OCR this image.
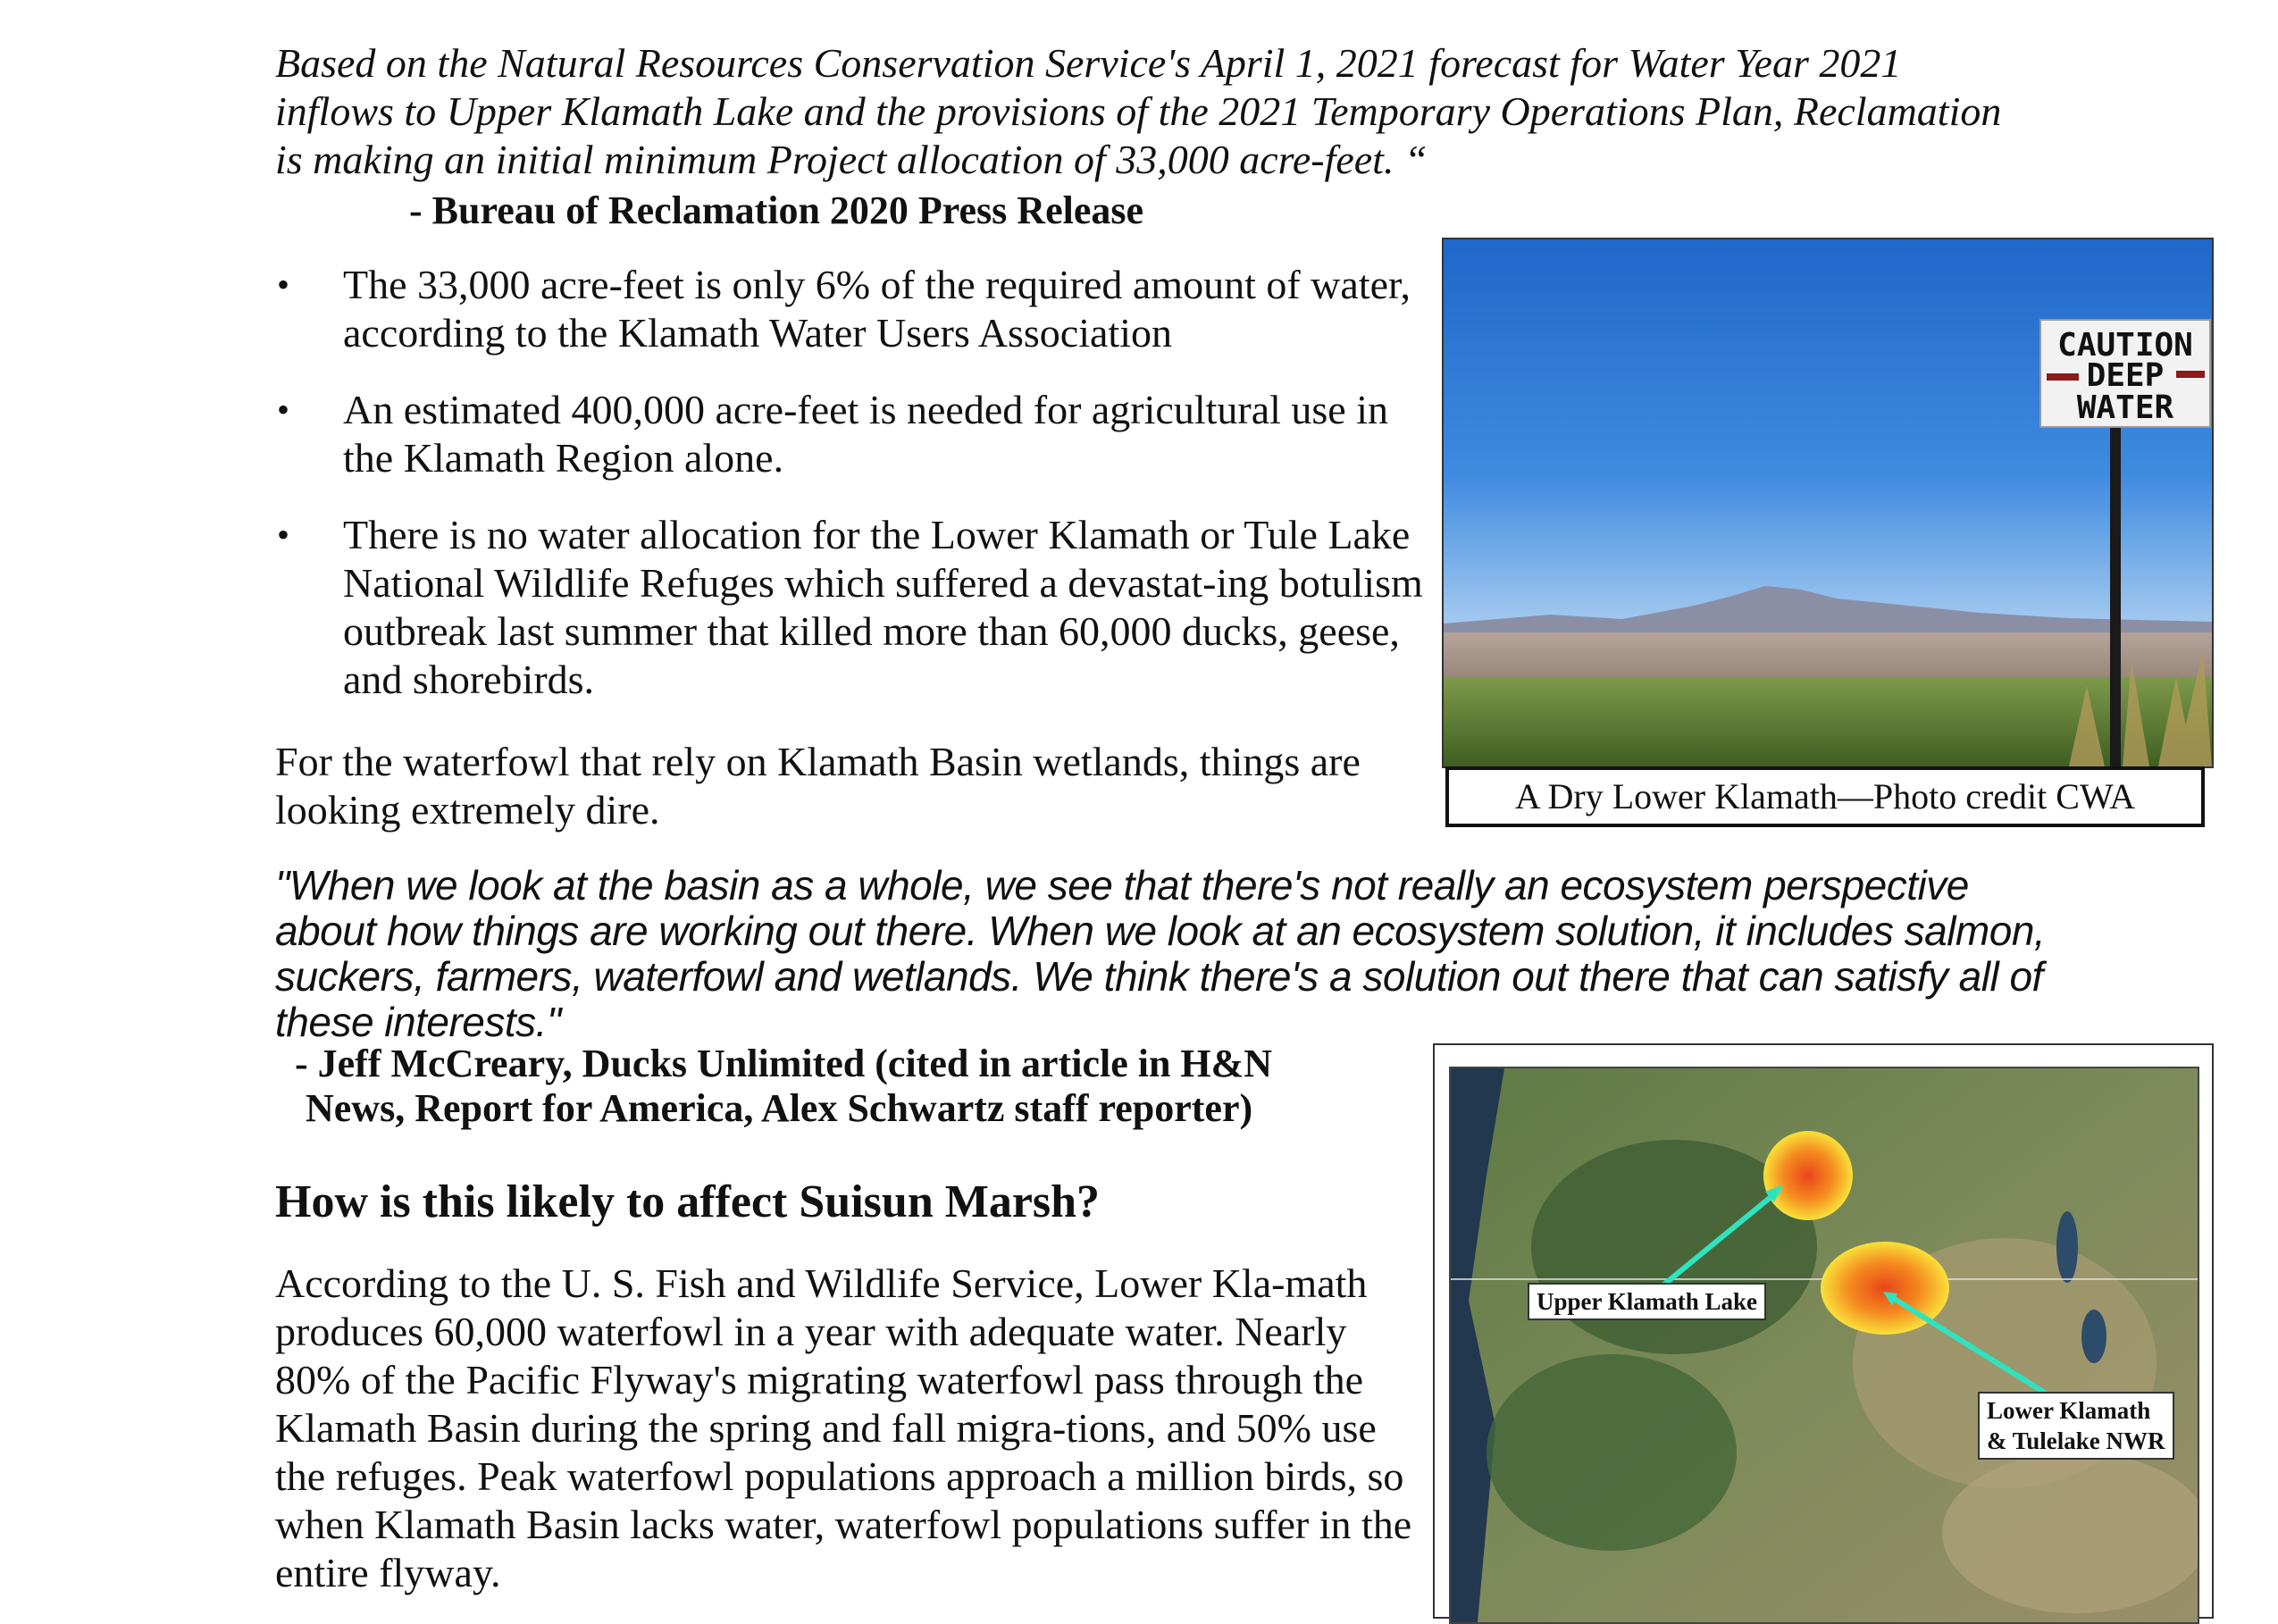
Based on the Natural Resources Conservation Service's April 1, 2021 forecast for Water Year 2021 inflows to Upper Klamath Lake and the provisions of the 2021 Temporary Operations Plan, Reclamation is making an initial minimum Project allocation of 33,000 acre-feet. “
- Bureau of Reclamation 2020 Press Release
• The 33,000 acre-feet is only 6% of the required amount of water, according to the Klamath Water Users Association
• An estimated 400,000 acre-feet is needed for agricultural use in the Klamath Region alone.
• There is no water allocation for the Lower Klamath or Tule Lake National Wildlife Refuges which suffered a devastat-ing botulism outbreak last summer that killed more than 60,000 ducks, geese, and shorebirds.
For the waterfowl that rely on Klamath Basin wetlands, things are looking extremely dire.
CAUTION
DEEP
WATER
A Dry Lower Klamath—Photo credit CWA
"When we look at the basin as a whole, we see that there's not really an ecosystem perspective about how things are working out there. When we look at an ecosystem solution, it includes salmon, suckers, farmers, waterfowl and wetlands. We think there's a solution out there that can satisfy all of these interests."
- Jeff McCreary, Ducks Unlimited (cited in article in H&N
News, Report for America, Alex Schwartz staff reporter)
How is this likely to affect Suisun Marsh?
According to the U. S. Fish and Wildlife Service, Lower Kla-math produces 60,000 waterfowl in a year with adequate water. Nearly 80% of the Pacific Flyway's migrating waterfowl pass through the Klamath Basin during the spring and fall migra-tions, and 50% use the refuges. Peak waterfowl populations approach a million birds, so when Klamath Basin lacks water, waterfowl populations suffer in the entire flyway.
Upper Klamath Lake
Lower Klamath
& Tulelake NWR
